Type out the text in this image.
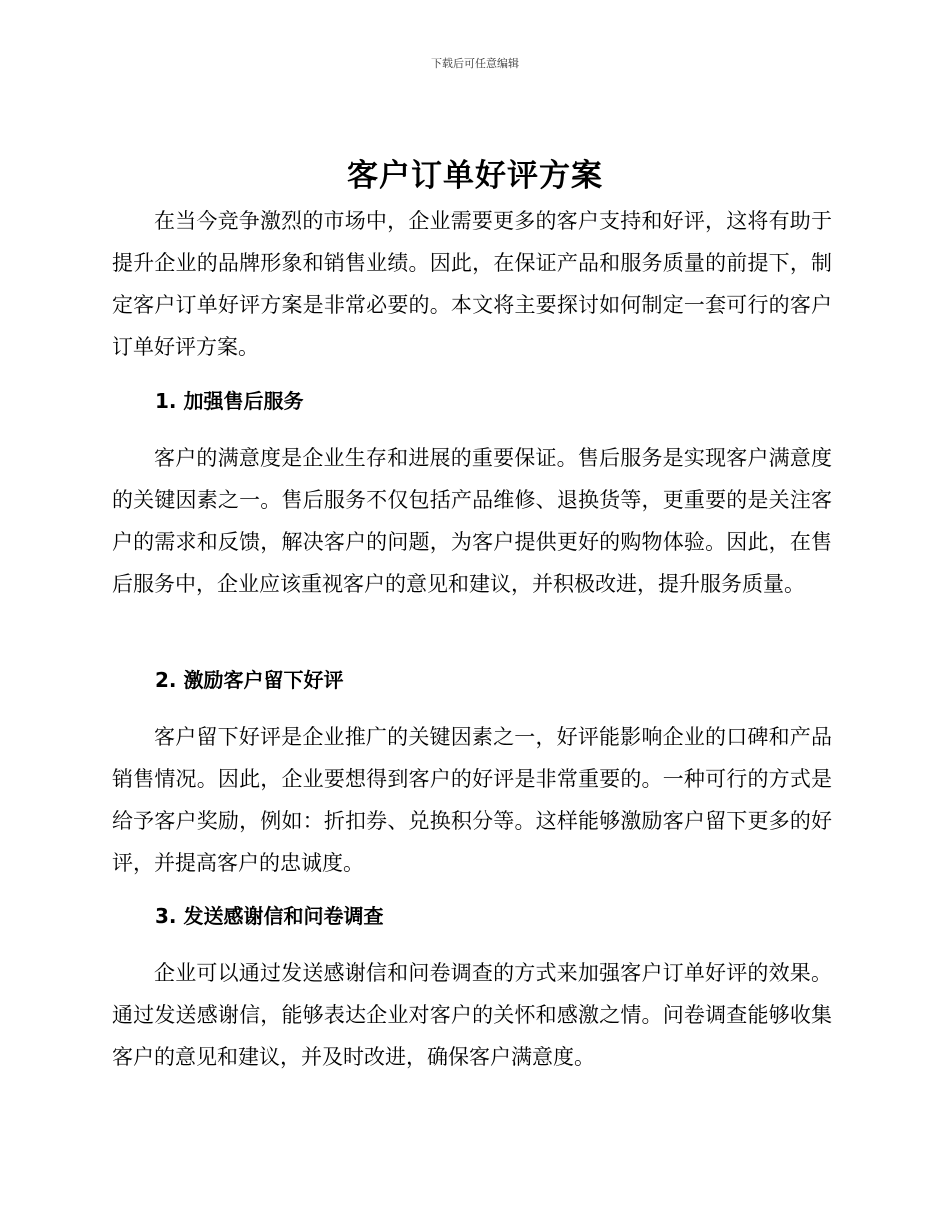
下载后可任意编辑
客户订单好评方案

在当今竞争激烈的市场中，企业需要更多的客户支持和好评，这将有助于提升企业的品牌形象和销售业绩。因此，在保证产品和服务质量的前提下，制定客户订单好评方案是非常必要的。本文将主要探讨如何制定一套可行的客户订单好评方案。

1. 加强售后服务

客户的满意度是企业生存和进展的重要保证。售后服务是实现客户满意度的关键因素之一。售后服务不仅包括产品维修、退换货等，更重要的是关注客户的需求和反馈，解决客户的问题，为客户提供更好的购物体验。因此，在售后服务中，企业应该重视客户的意见和建议，并积极改进，提升服务质量。

2. 激励客户留下好评

客户留下好评是企业推广的关键因素之一，好评能影响企业的口碑和产品销售情况。因此，企业要想得到客户的好评是非常重要的。一种可行的方式是给予客户奖励，例如：折扣券、兑换积分等。这样能够激励客户留下更多的好评，并提高客户的忠诚度。

3. 发送感谢信和问卷调查

企业可以通过发送感谢信和问卷调查的方式来加强客户订单好评的效果。通过发送感谢信，能够表达企业对客户的关怀和感激之情。问卷调查能够收集客户的意见和建议，并及时改进，确保客户满意度。
